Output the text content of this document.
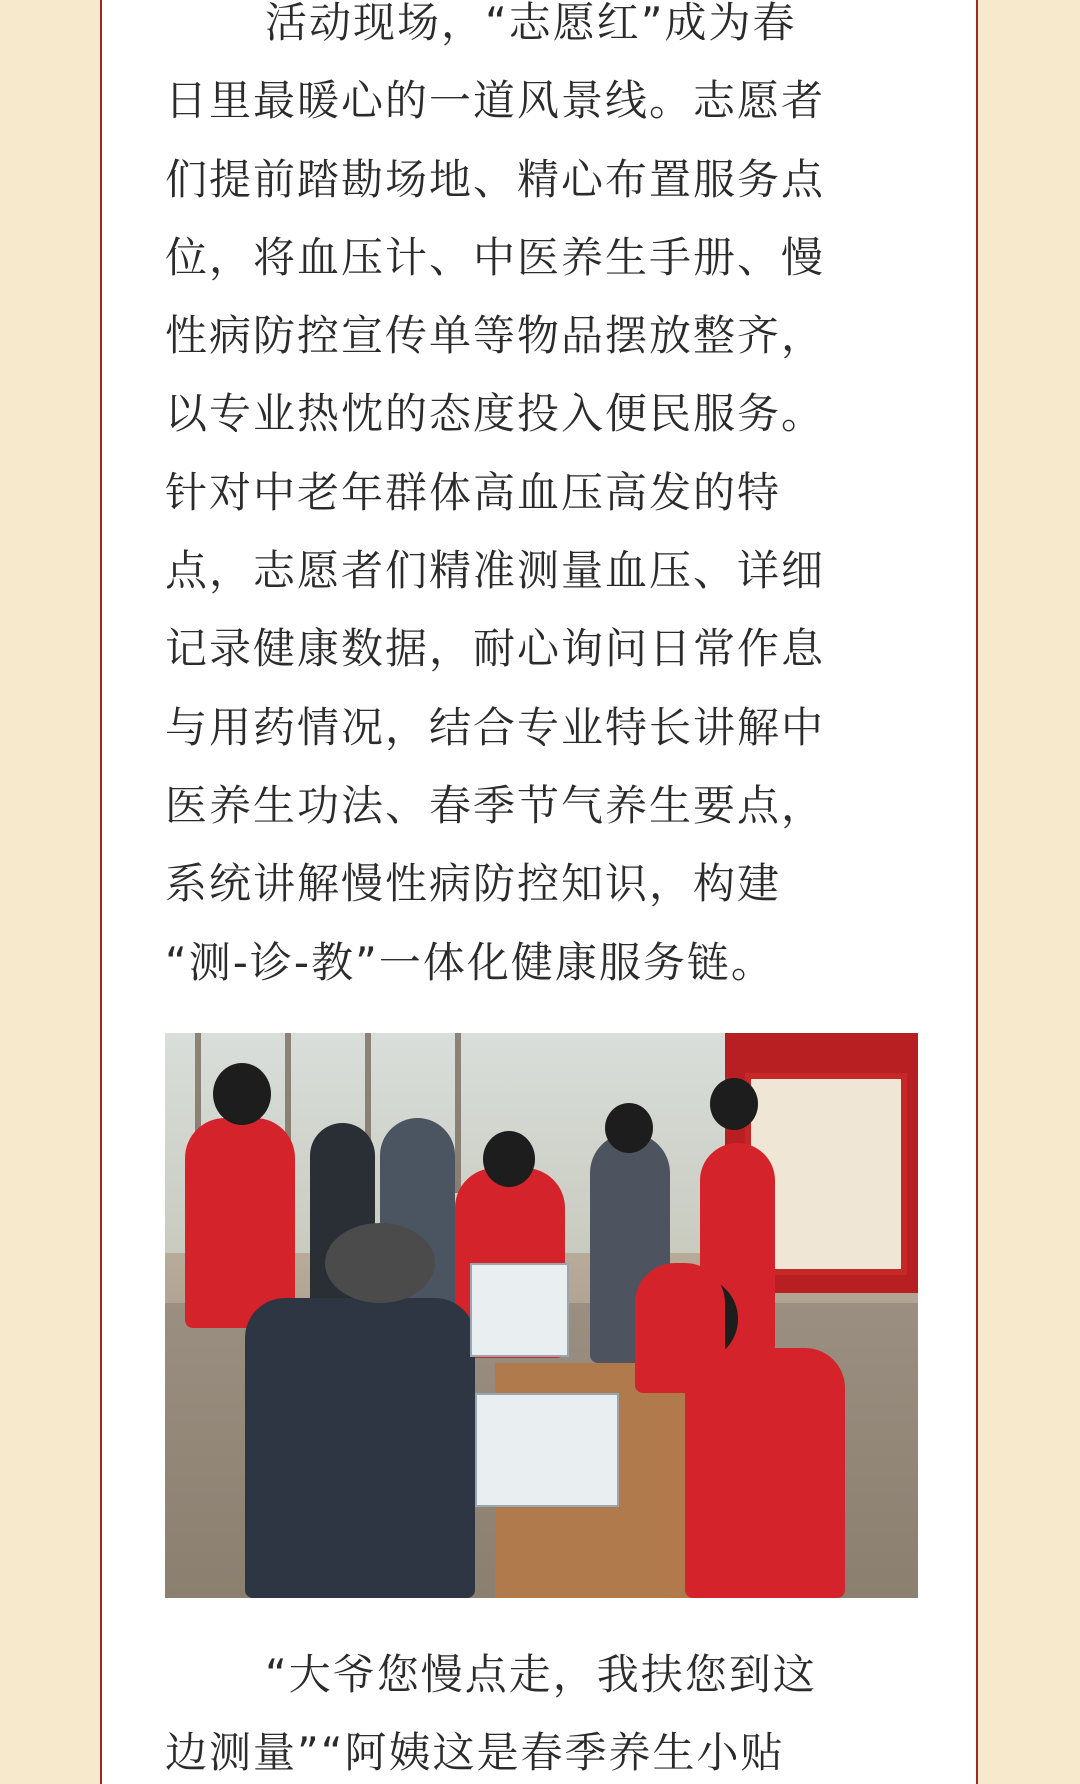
活动现场，“志愿红”成为春
日里最暖心的一道风景线。志愿者
们提前踏勘场地、精心布置服务点
位，将血压计、中医养生手册、慢
性病防控宣传单等物品摆放整齐，
以专业热忱的态度投入便民服务。
针对中老年群体高血压高发的特
点，志愿者们精准测量血压、详细
记录健康数据，耐心询问日常作息
与用药情况，结合专业特长讲解中
医养生功法、春季节气养生要点，
系统讲解慢性病防控知识，构建
“测-诊-教”一体化健康服务链。
“大爷您慢点走，我扶您到这
边测量”“阿姨这是春季养生小贴
